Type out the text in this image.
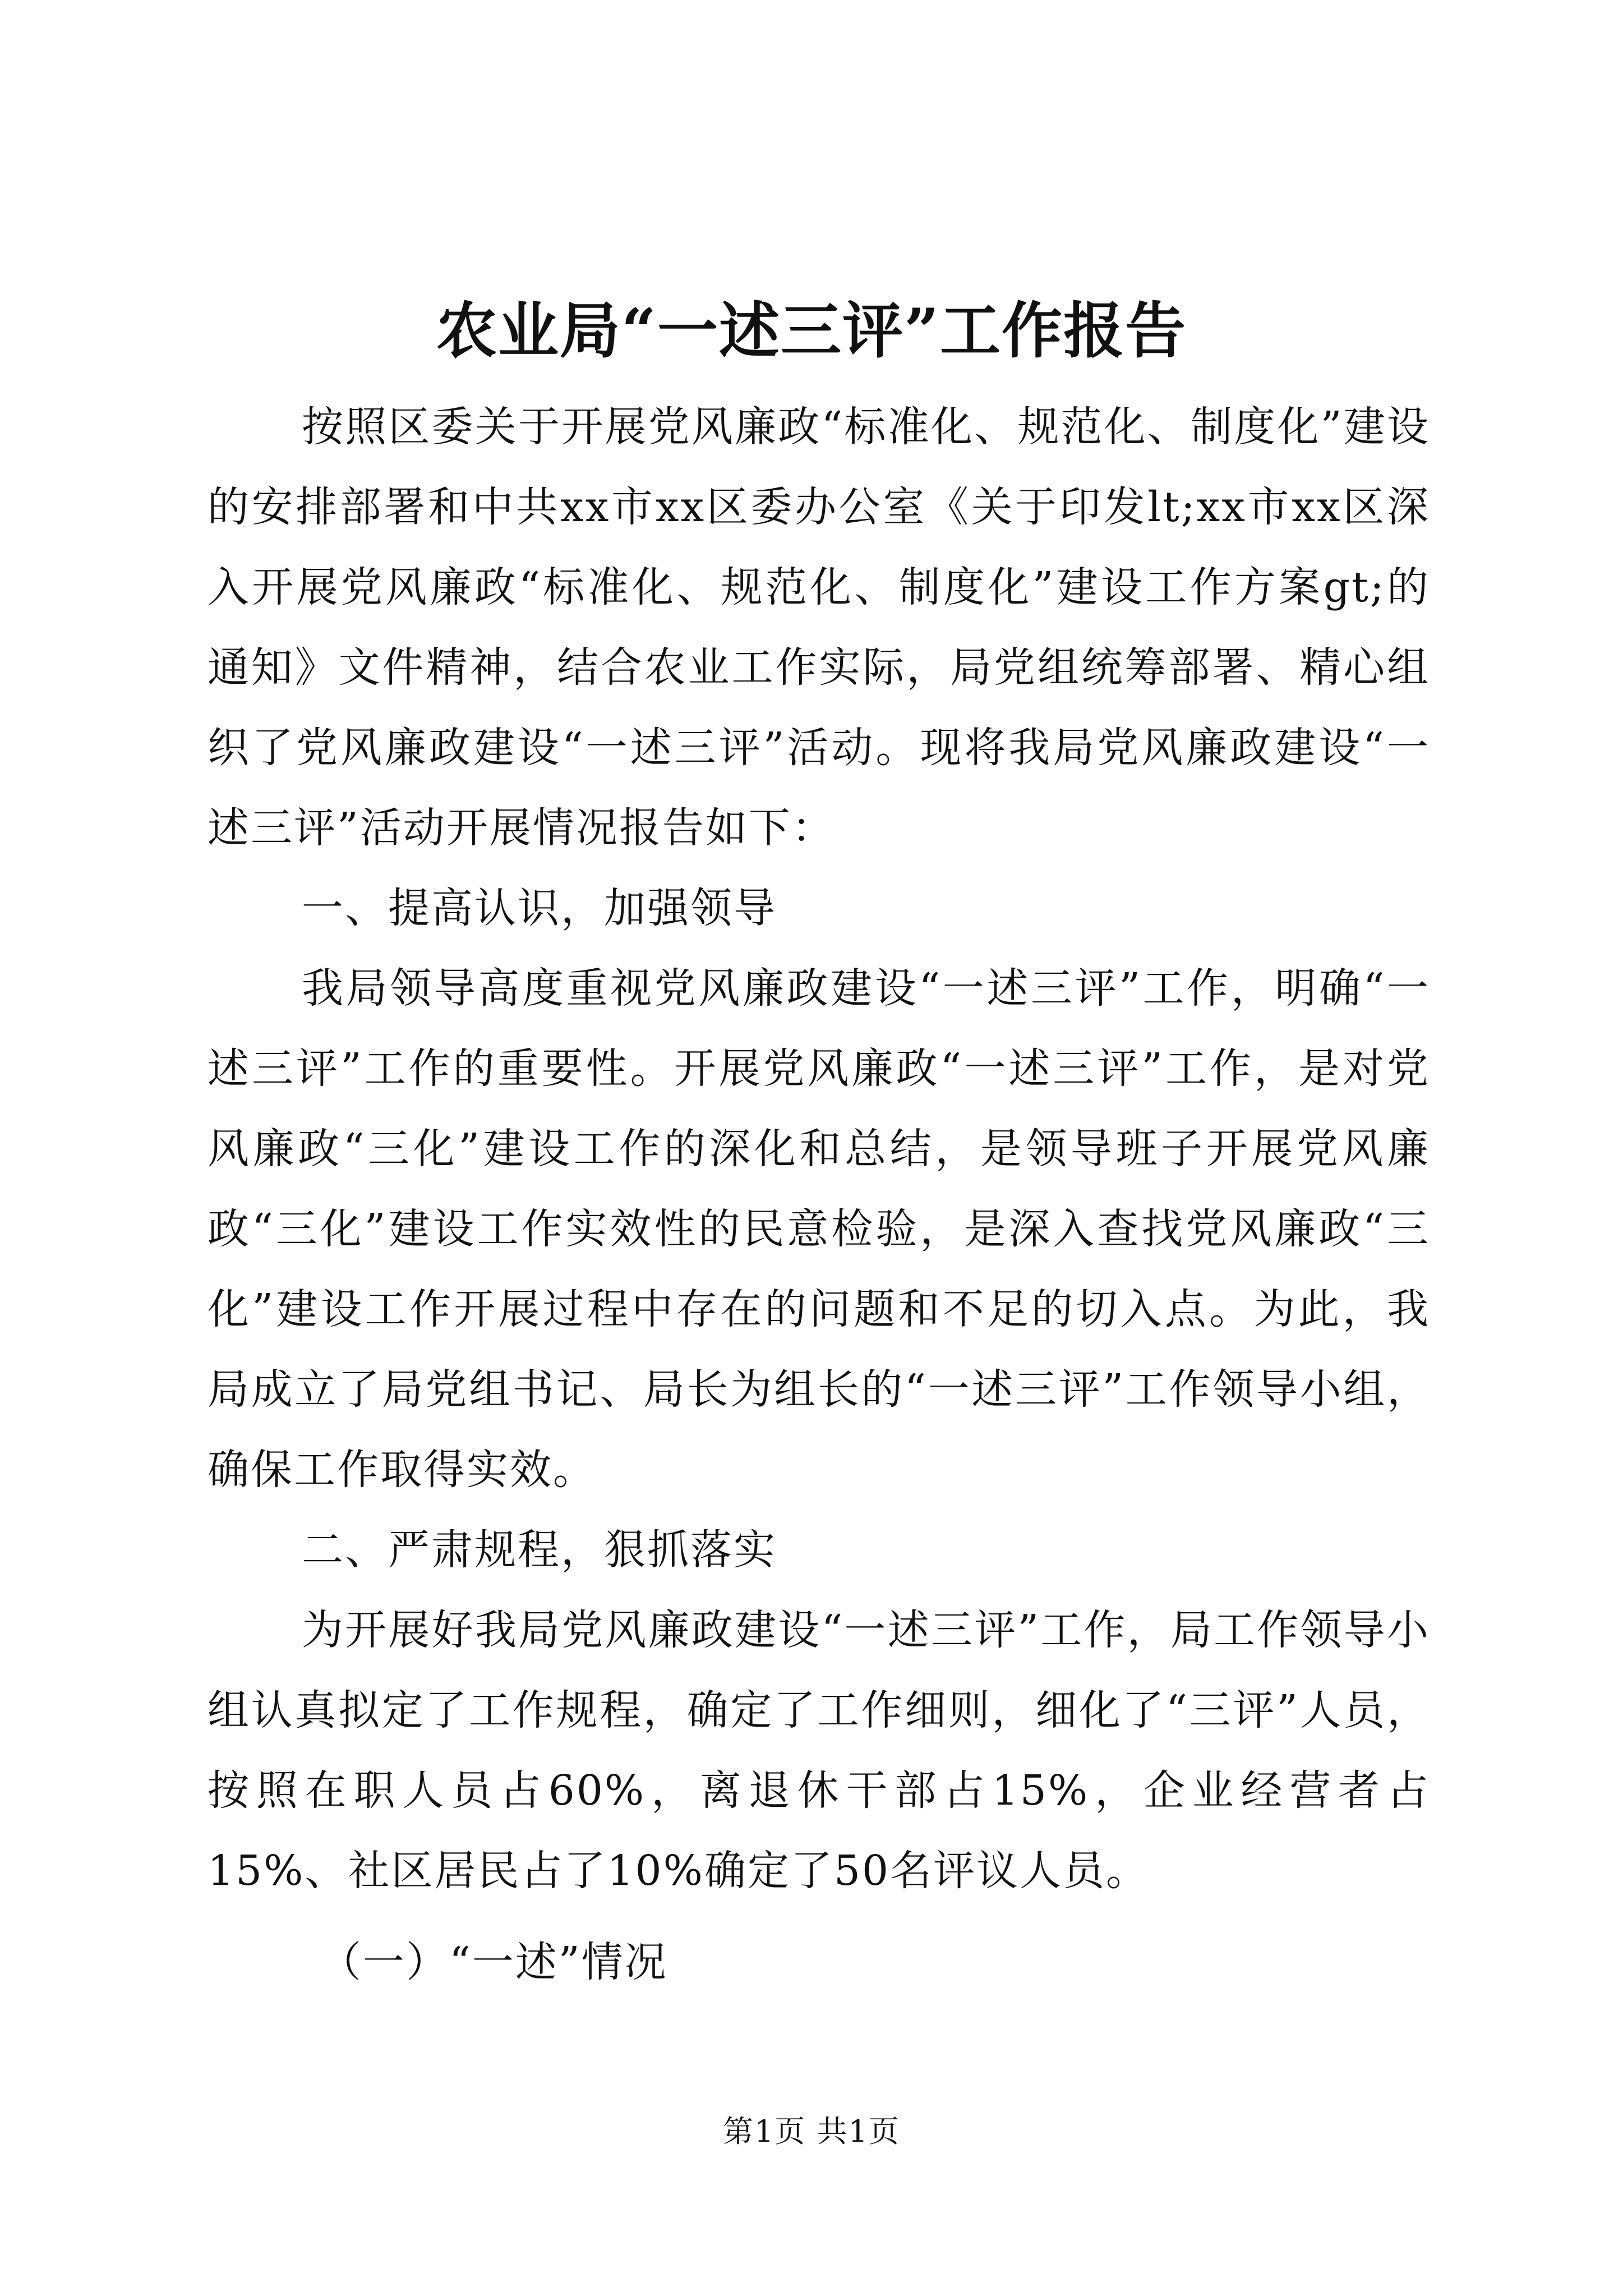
农业局“一述三评”工作报告

按照区委关于开展党风廉政“标准化、规范化、制度化”建设的安排部署和中共xx市xx区委办公室《关于印发lt;xx市xx区深入开展党风廉政“标准化、规范化、制度化”建设工作方案gt;的通知》文件精神，结合农业工作实际，局党组统筹部署、精心组织了党风廉政建设“一述三评”活动。现将我局党风廉政建设“一述三评”活动开展情况报告如下：

一、提高认识，加强领导

我局领导高度重视党风廉政建设“一述三评”工作，明确“一述三评”工作的重要性。开展党风廉政“一述三评”工作，是对党风廉政“三化”建设工作的深化和总结，是领导班子开展党风廉政“三化”建设工作实效性的民意检验，是深入查找党风廉政“三化”建设工作开展过程中存在的问题和不足的切入点。为此，我局成立了局党组书记、局长为组长的“一述三评”工作领导小组，确保工作取得实效。

二、严肃规程，狠抓落实

为开展好我局党风廉政建设“一述三评”工作，局工作领导小组认真拟定了工作规程，确定了工作细则，细化了“三评”人员，按照在职人员占60%，离退休干部占15%，企业经营者占15%、社区居民占了10%确定了50名评议人员。

（一）“一述”情况

第1页 共1页
